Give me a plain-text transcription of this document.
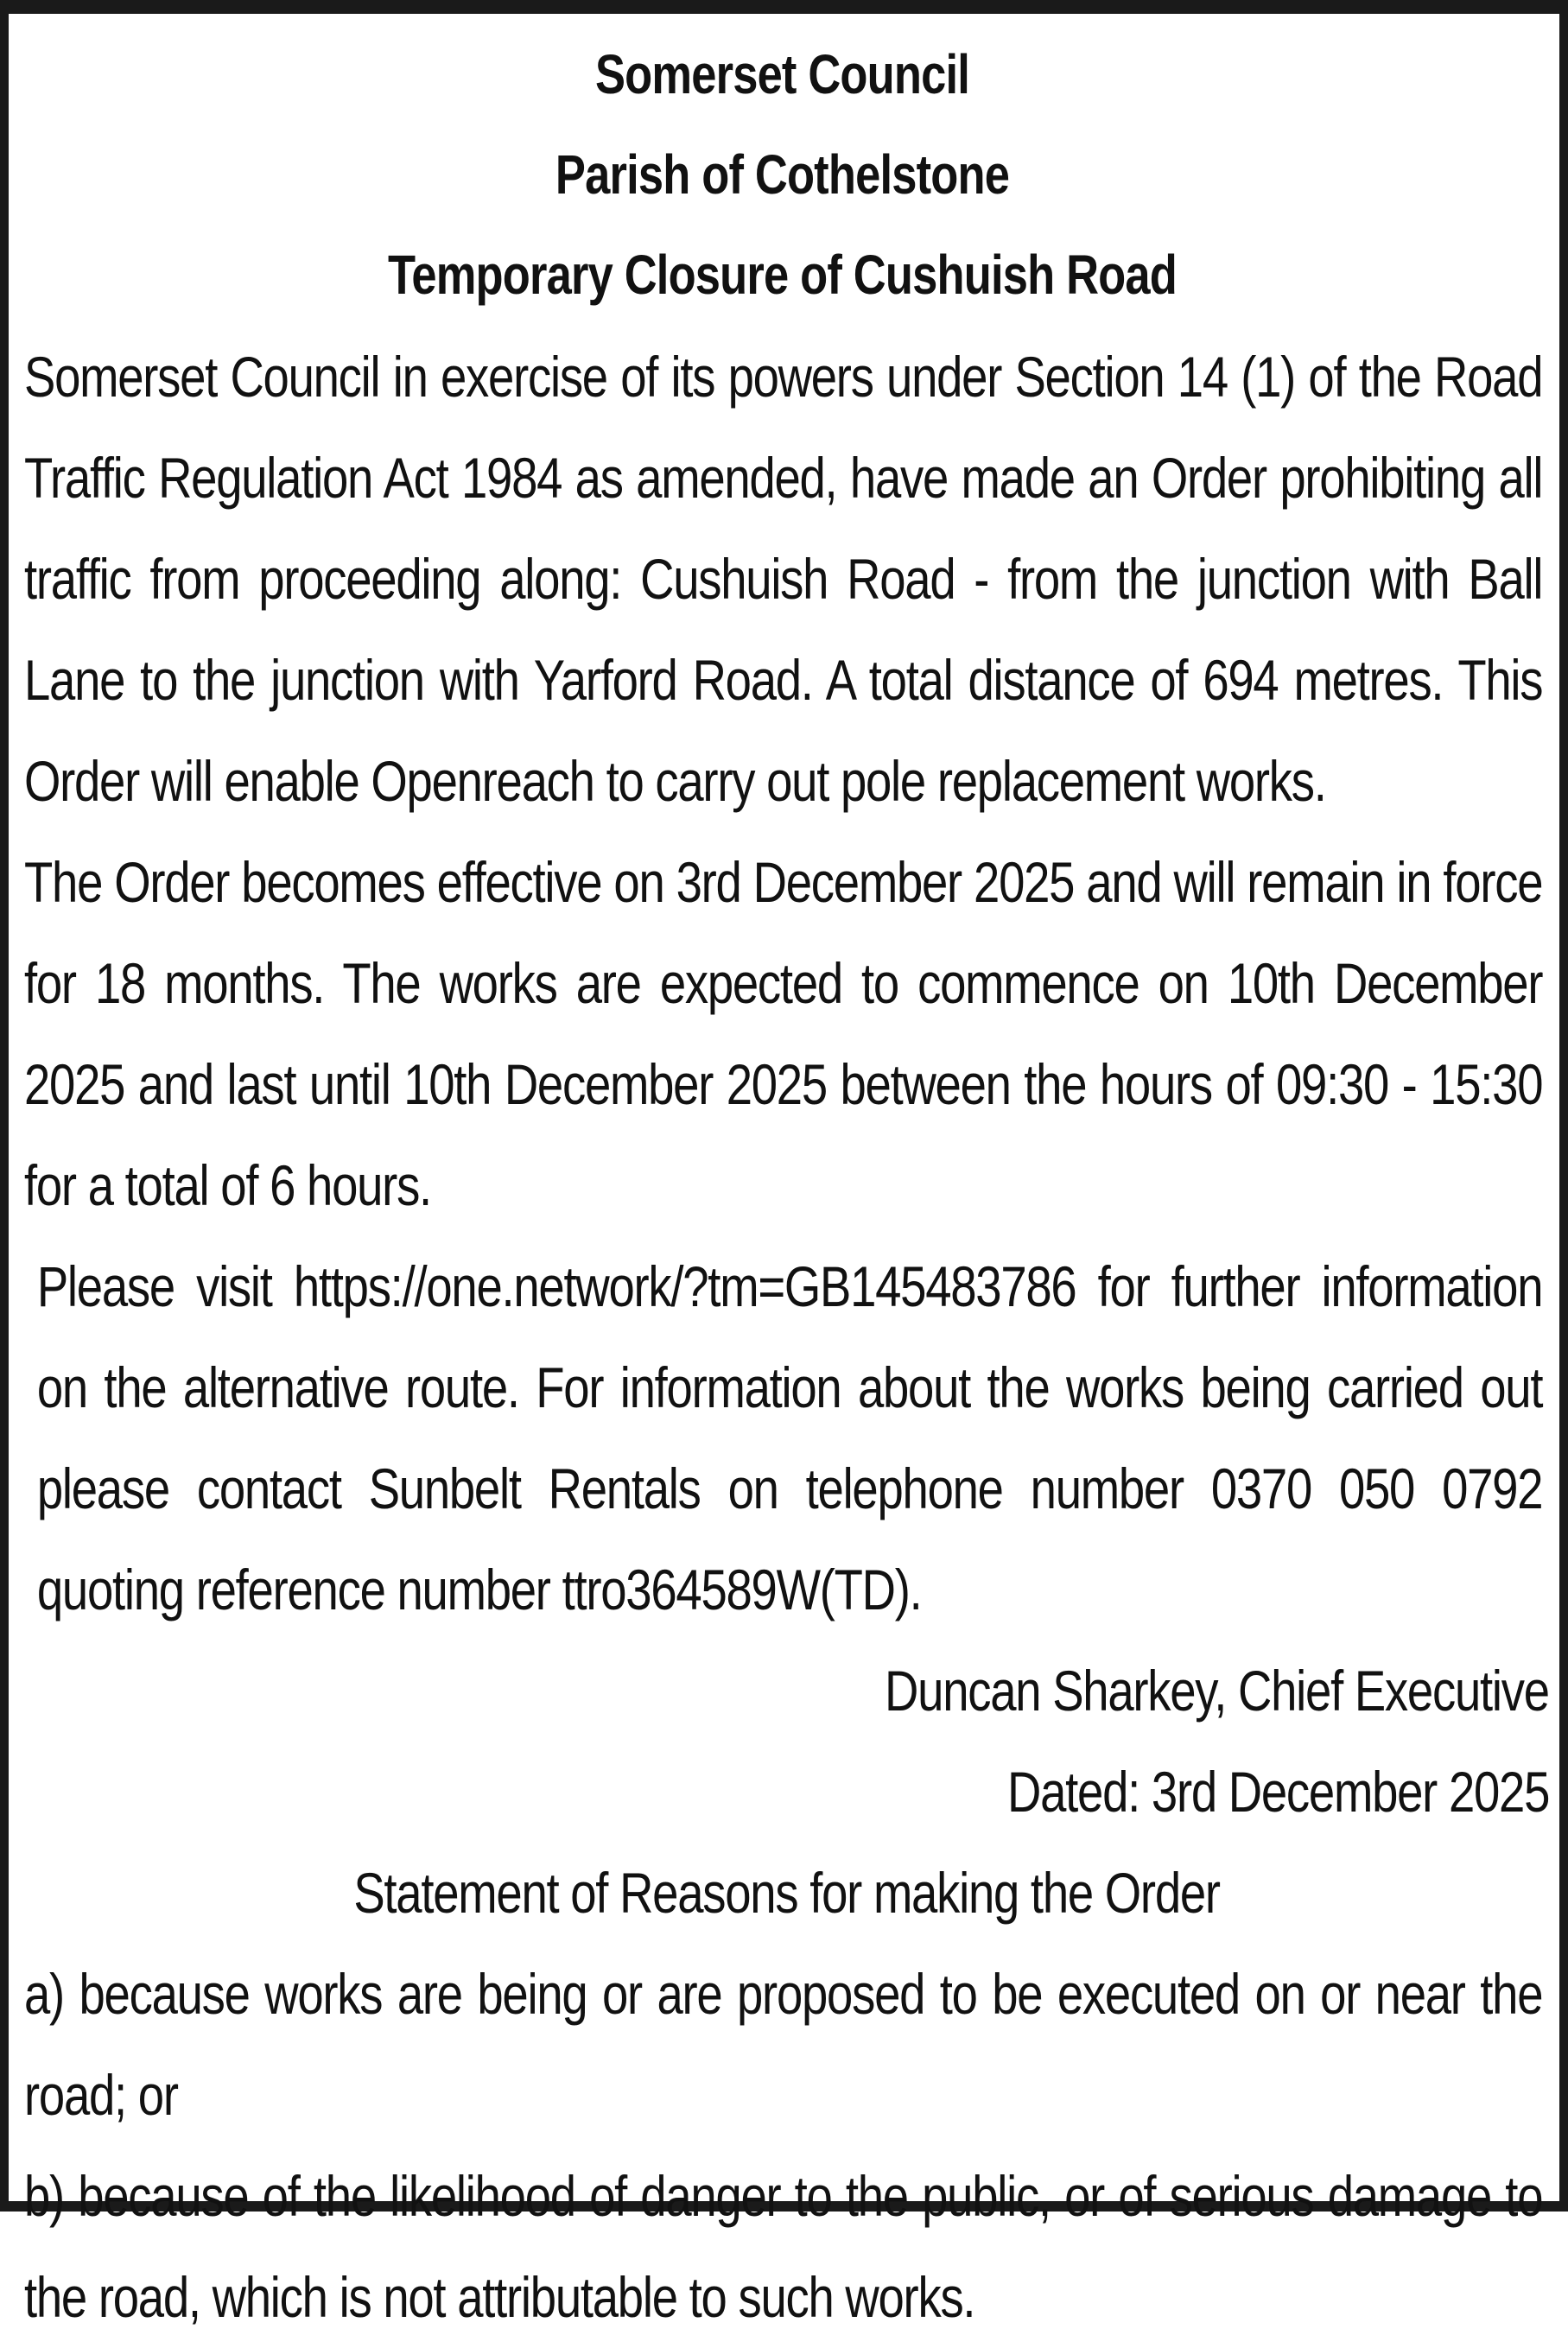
Somerset Council

Parish of Cothelstone

Temporary Closure of Cushuish Road

Somerset Council in exercise of its powers under Section 14 (1) of the Road Traffic Regulation Act 1984 as amended, have made an Order prohibiting all traffic from proceeding along: Cushuish Road - from the junction with Ball Lane to the junction with Yarford Road. A total distance of 694 metres. This Order will enable Openreach to carry out pole replacement works.

The Order becomes effective on 3rd December 2025 and will remain in force for 18 months. The works are expected to commence on 10th December 2025 and last until 10th December 2025 between the hours of 09:30 - 15:30 for a total of 6 hours.

Please visit https://one.network/?tm=GB145483786 for further information on the alternative route. For information about the works being carried out please contact Sunbelt Rentals on telephone number 0370 050 0792 quoting reference number ttro364589W(TD).

Duncan Sharkey, Chief Executive

Dated: 3rd December 2025

Statement of Reasons for making the Order

a) because works are being or are proposed to be executed on or near the road; or

b) because of the likelihood of danger to the public, or of serious damage to the road, which is not attributable to such works.
